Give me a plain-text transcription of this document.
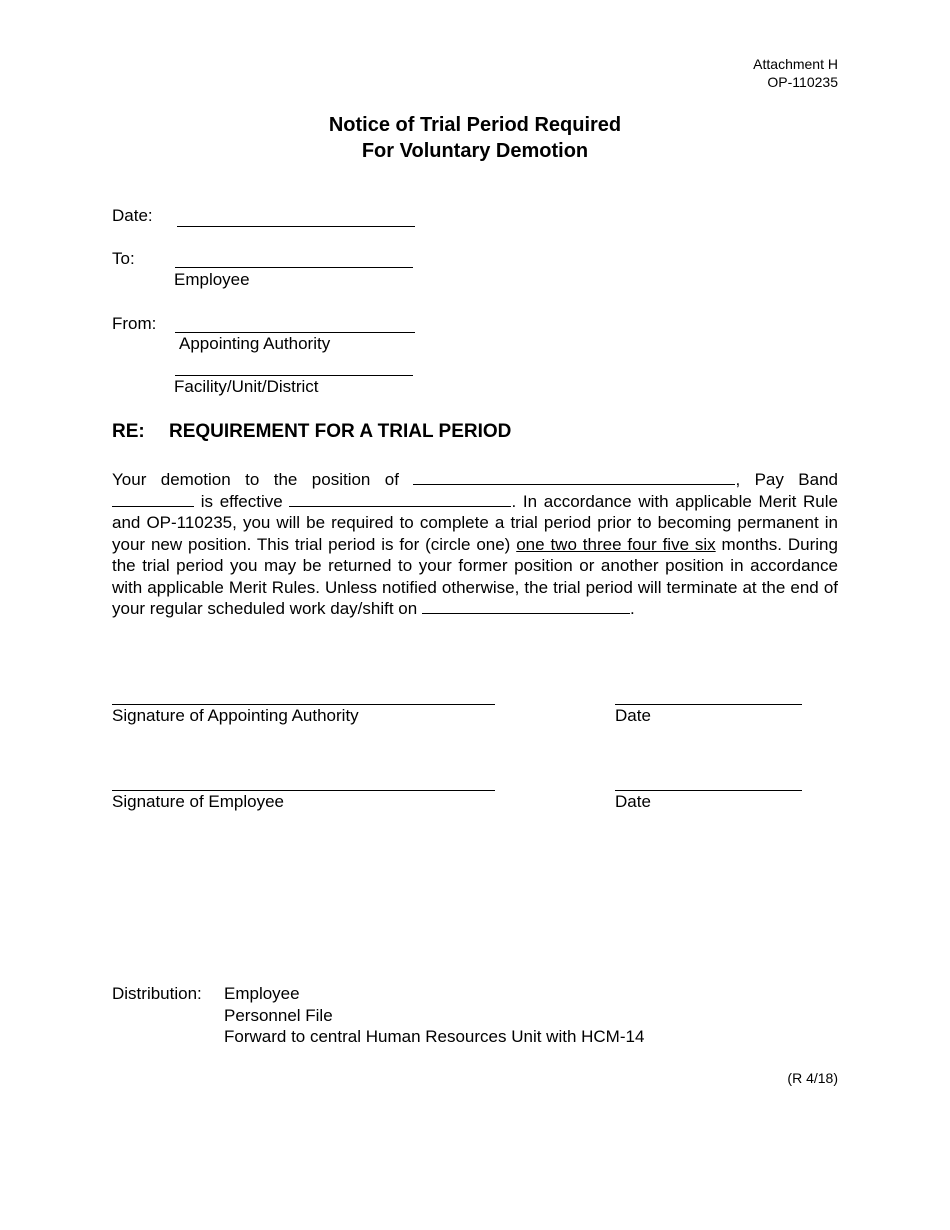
Attachment H
OP-110235
Notice of Trial Period Required
For Voluntary Demotion
Date:
To:
Employee
From:
Appointing Authority
Facility/Unit/District
RE: REQUIREMENT FOR A TRIAL PERIOD
Your demotion to the position of	, Pay Band is effective	. In accordance with applicable Merit Rule and OP-110235, you will be required to complete a trial period prior to becoming permanent in your new position. This trial period is for (circle one) one two three four five six months. During the trial period you may be returned to your former position or another position in accordance with applicable Merit Rules. Unless notified otherwise, the trial period will terminate at the end of your regular scheduled work day/shift on	.
Signature of Appointing Authority	Date
Signature of Employee	Date
Distribution: Employee
Personnel File
Forward to central Human Resources Unit with HCM-14
(R 4/18)
